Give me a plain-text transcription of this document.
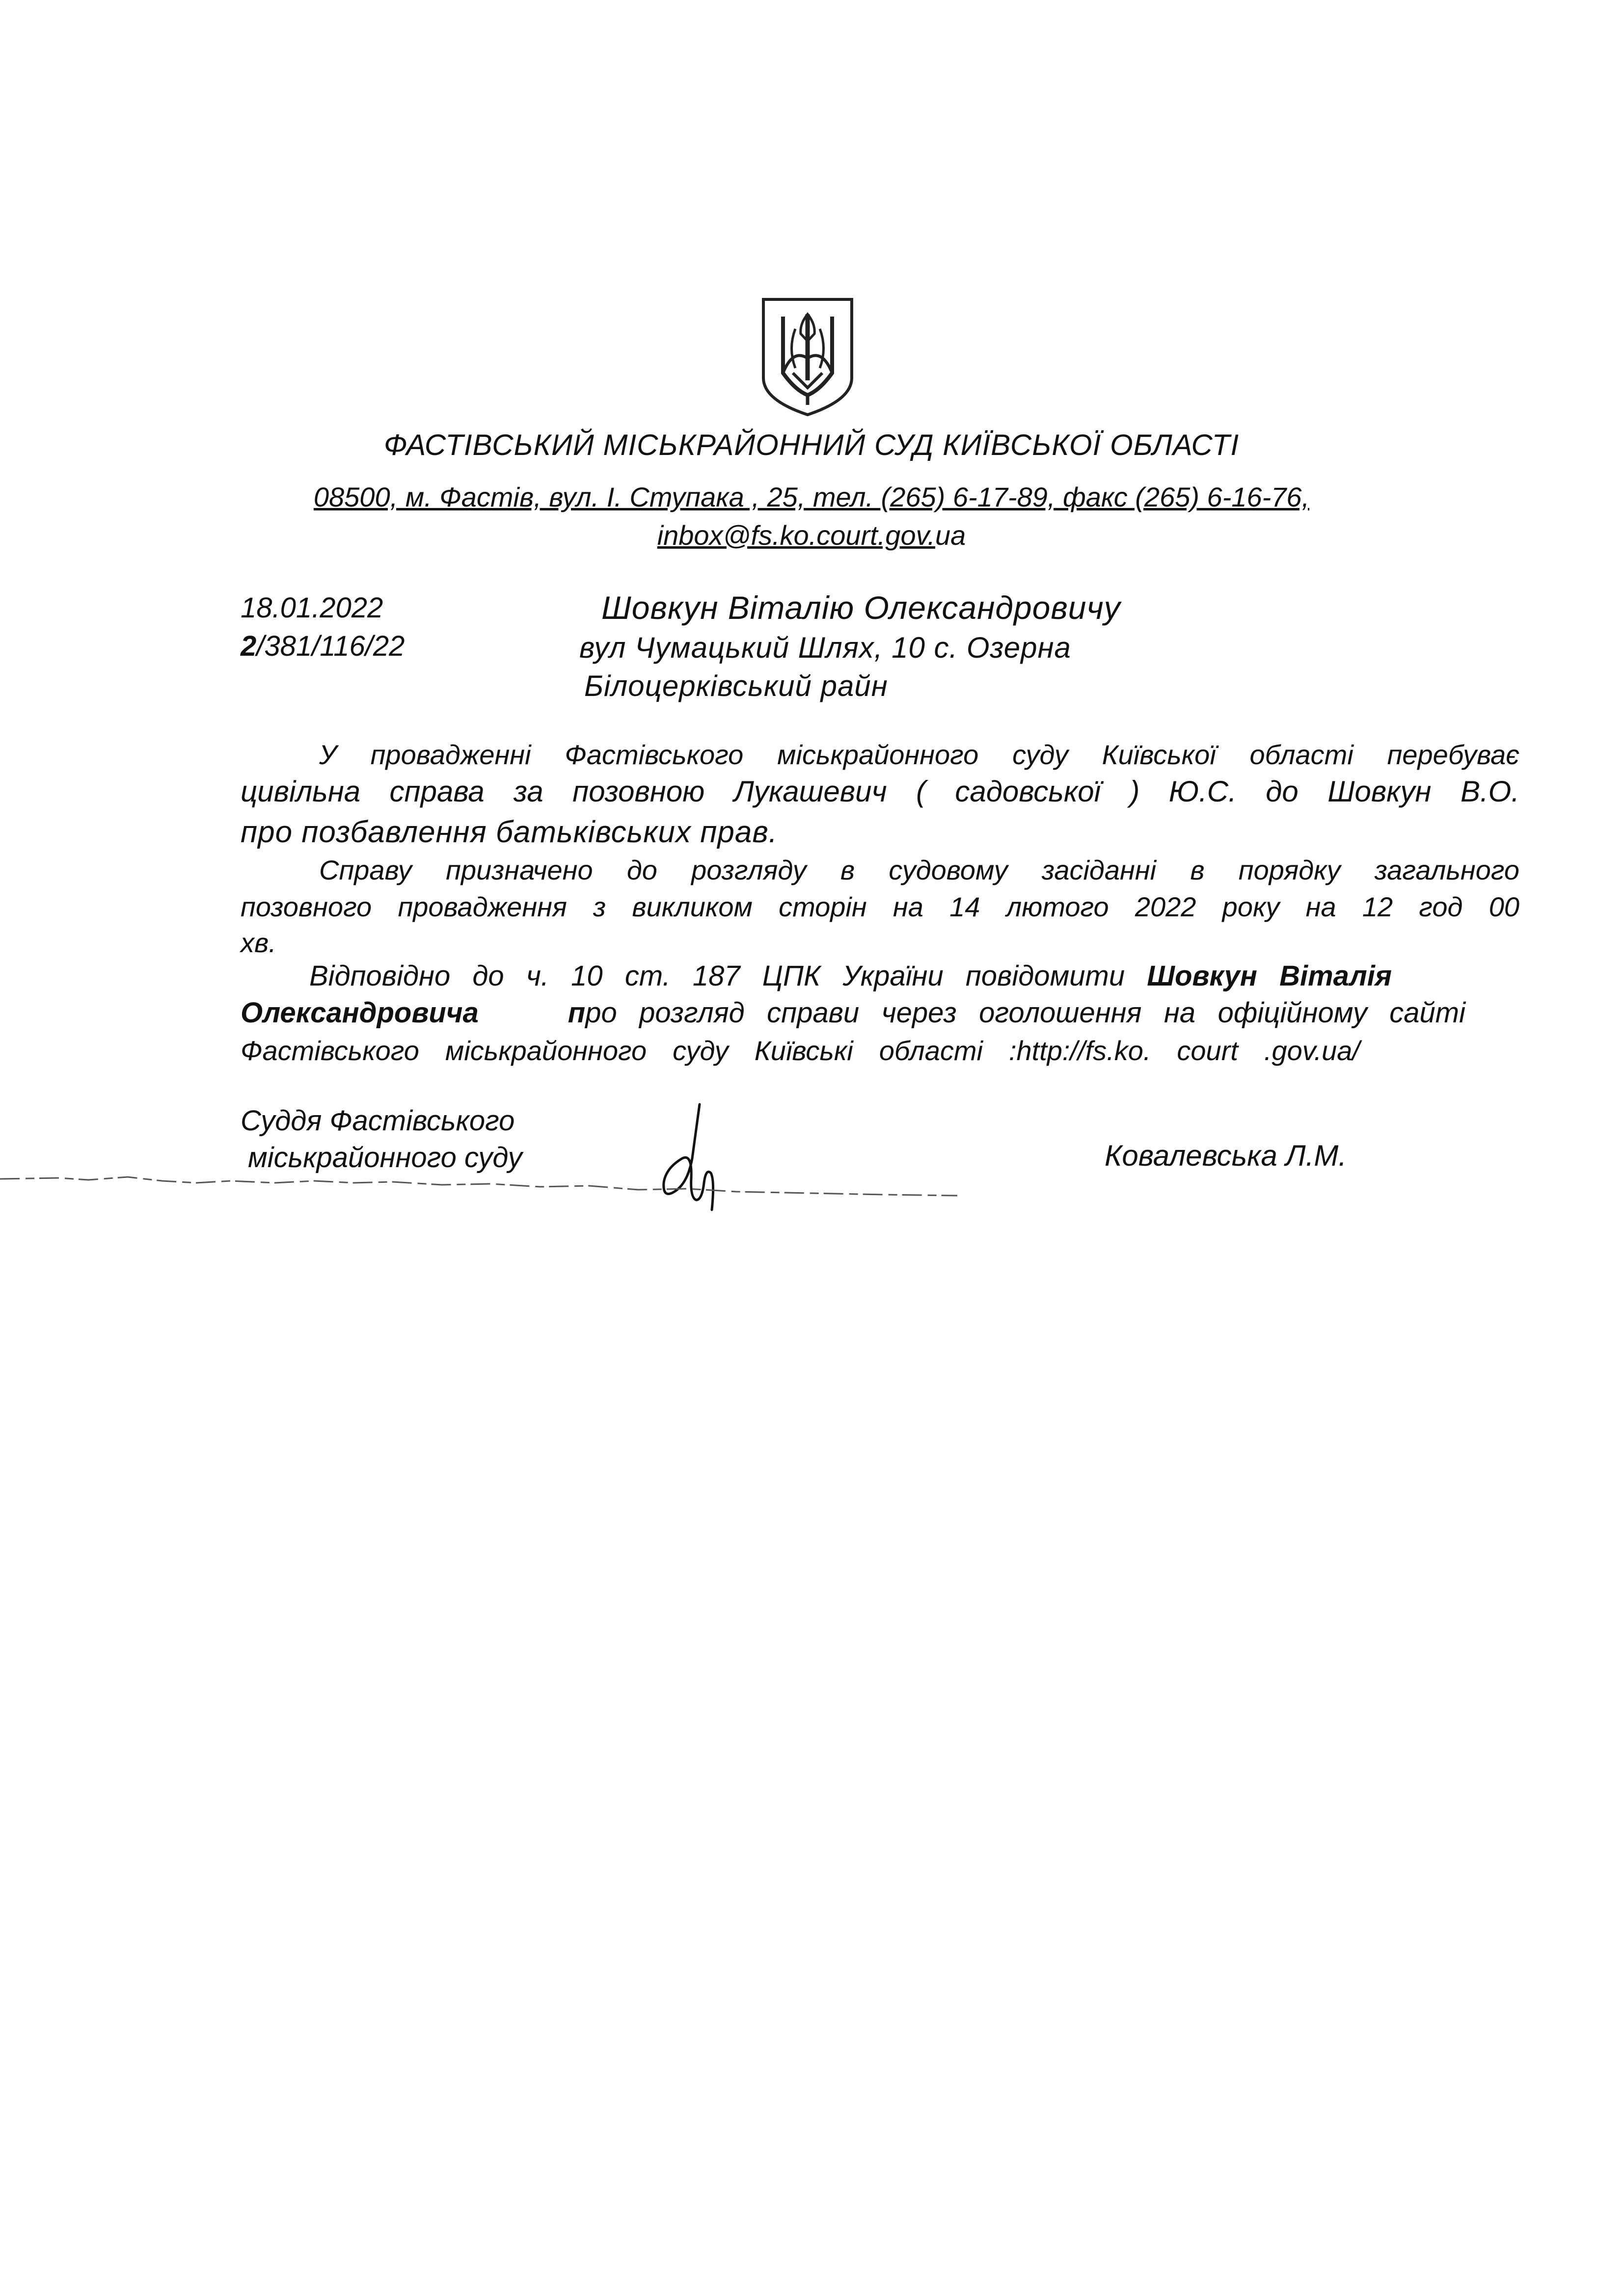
ФАСТІВСЬКИЙ МІСЬКРАЙОННИЙ СУД КИЇВСЬКОЇ ОБЛАСТІ
08500, м. Фастів, вул. І. Ступака , 25, тел. (265) 6-17-89, факс (265) 6-16-76,
inbox@fs.ko.court.gov.ua
18.01.2022
2/381/116/22
Шовкун Віталію Олександровичу
вул Чумацький Шлях, 10 с. Озерна
Білоцерківський райн
У провадженні Фастівського міськрайонного суду Київської області перебуває
цивільна справа за позовною Лукашевич ( садовської ) Ю.С. до Шовкун В.О.
про позбавлення батьківських прав.
Справу призначено до розгляду в судовому засіданні в порядку загального
позовного провадження з викликом сторін на 14 лютого 2022 року на 12 год 00
хв.
Відповідно до ч. 10 ст. 187 ЦПК України повідомити Шовкун Віталія
Олександровича	про розгляд справи через оголошення на офіційному сайті
Фастівського міськрайонного суду Київські області :http://fs.ko. court .gov.ua/
Суддя Фастівського
міськрайонного суду	Ковалевська Л.М.
